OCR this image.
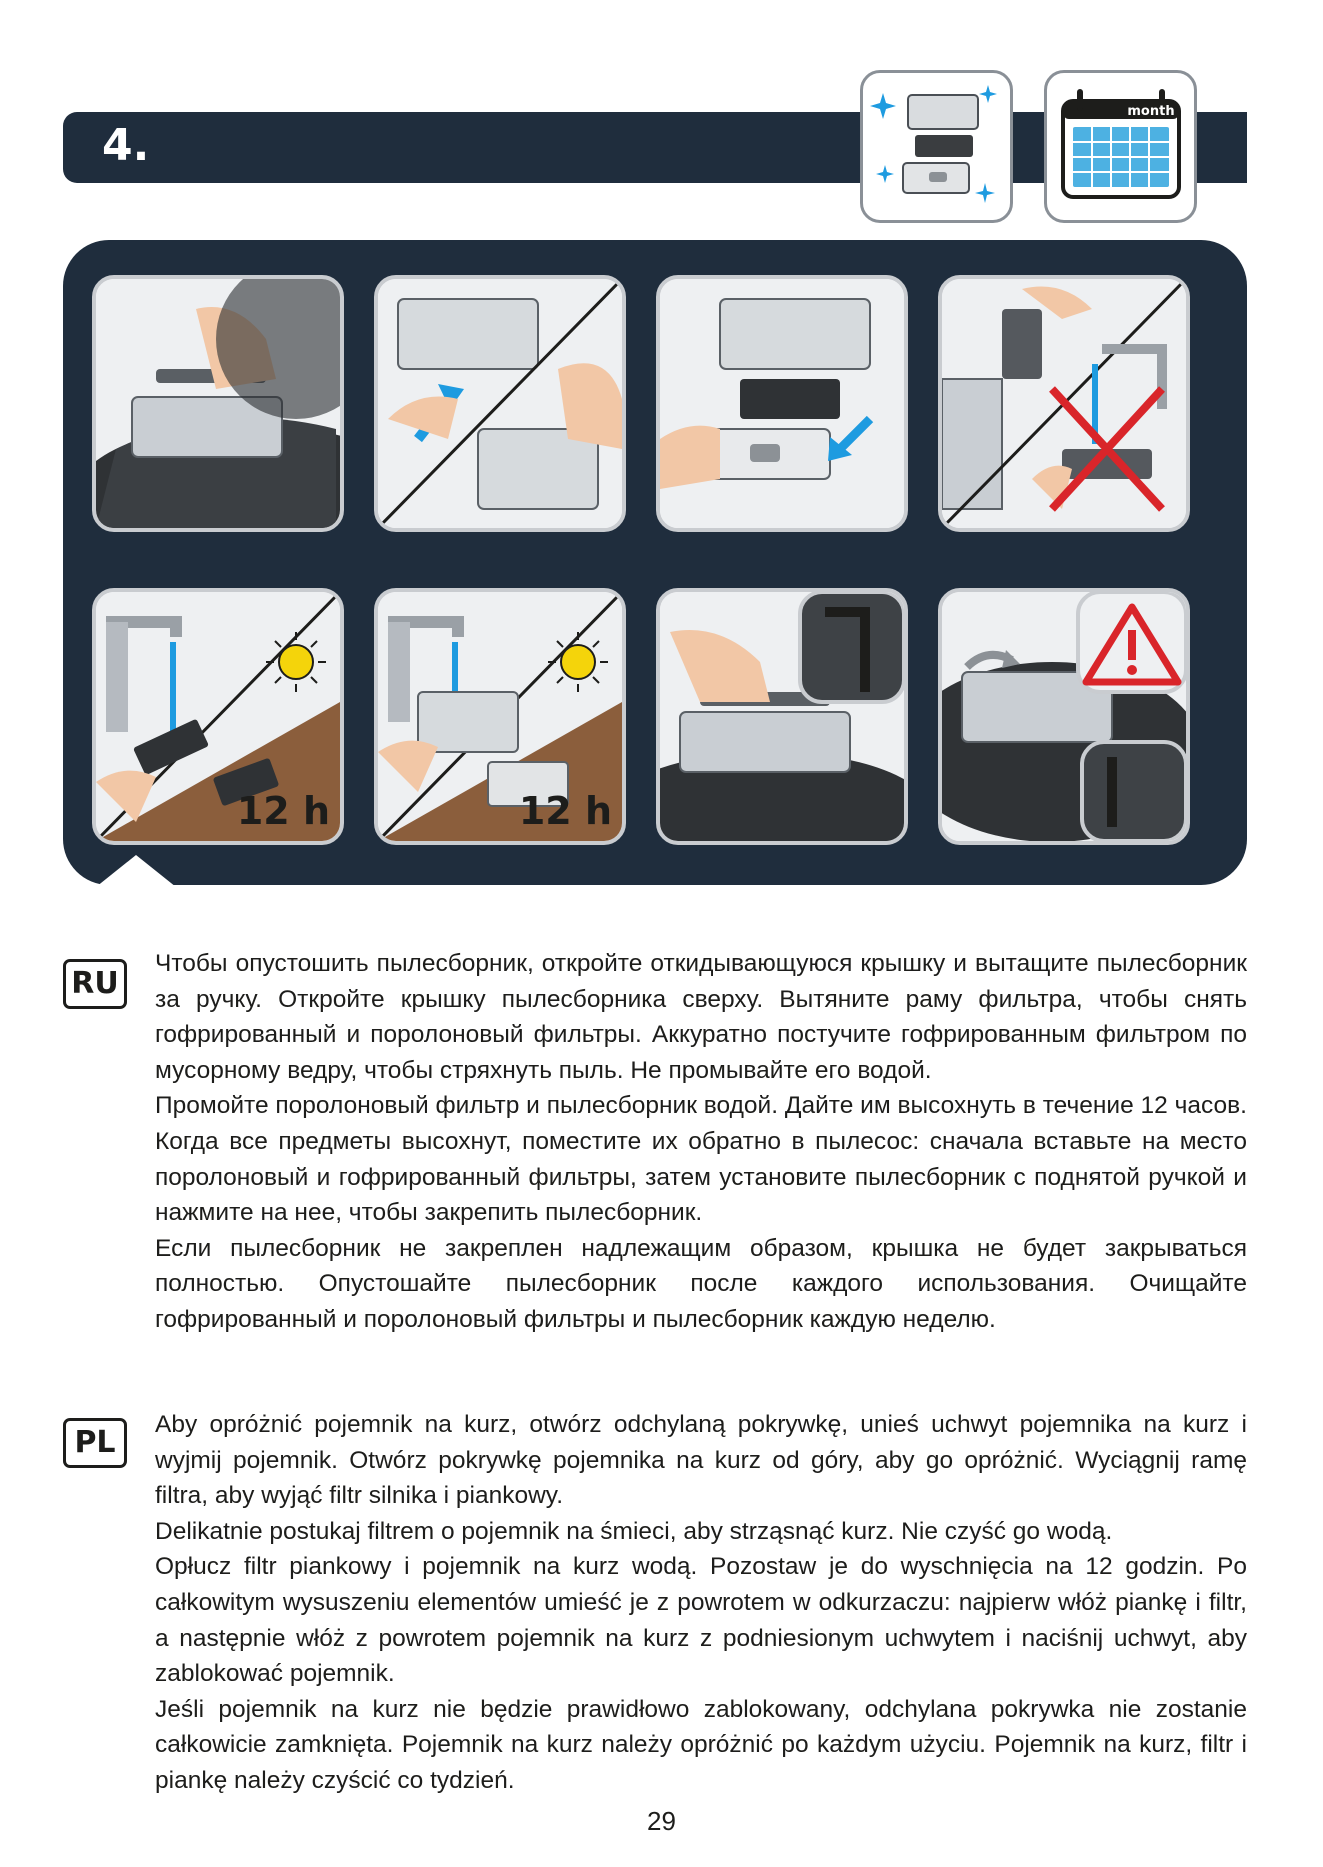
4.
month
12 h	12 h
RU

Чтобы опустошить пылесборник, откройте откидывающуюся крышку и вытащите пылесборник за ручку. Откройте крышку пылесборника сверху. Вытяните раму фильтра, чтобы снять гофрированный и поролоновый фильтры. Аккуратно постучите гофрированным фильтром по мусорному ведру, чтобы стряхнуть пыль. Не промывайте его водой.

Промойте поролоновый фильтр и пылесборник водой. Дайте им высохнуть в течение 12 часов. Когда все предметы высохнут, поместите их обратно в пылесос: сначала вставьте на место поролоновый и гофрированный фильтры, затем установите пылесборник с поднятой ручкой и нажмите на нее, чтобы закрепить пылесборник.

Если пылесборник не закреплен надлежащим образом, крышка не будет закрываться полностью. Опустошайте пылесборник после каждого использования. Очищайте гофрированный и поролоновый фильтры и пылесборник каждую неделю.

PL

Aby opróżnić pojemnik na kurz, otwórz odchylaną pokrywkę, unieś uchwyt pojemnika na kurz i wyjmij pojemnik. Otwórz pokrywkę pojemnika na kurz od góry, aby go opróżnić. Wyciągnij ramę filtra, aby wyjąć filtr silnika i piankowy.

Delikatnie postukaj filtrem o pojemnik na śmieci, aby strząsnąć kurz. Nie czyść go wodą.

Opłucz filtr piankowy i pojemnik na kurz wodą. Pozostaw je do wyschnięcia na 12 godzin. Po całkowitym wysuszeniu elementów umieść je z powrotem w odkurzaczu: najpierw włóż piankę i filtr, a następnie włóż z powrotem pojemnik na kurz z podniesionym uchwytem i naciśnij uchwyt, aby zablokować pojemnik.

Jeśli pojemnik na kurz nie będzie prawidłowo zablokowany, odchylana pokrywka nie zostanie całkowicie zamknięta. Pojemnik na kurz należy opróżnić po każdym użyciu. Pojemnik na kurz, filtr i piankę należy czyścić co tydzień.

29
